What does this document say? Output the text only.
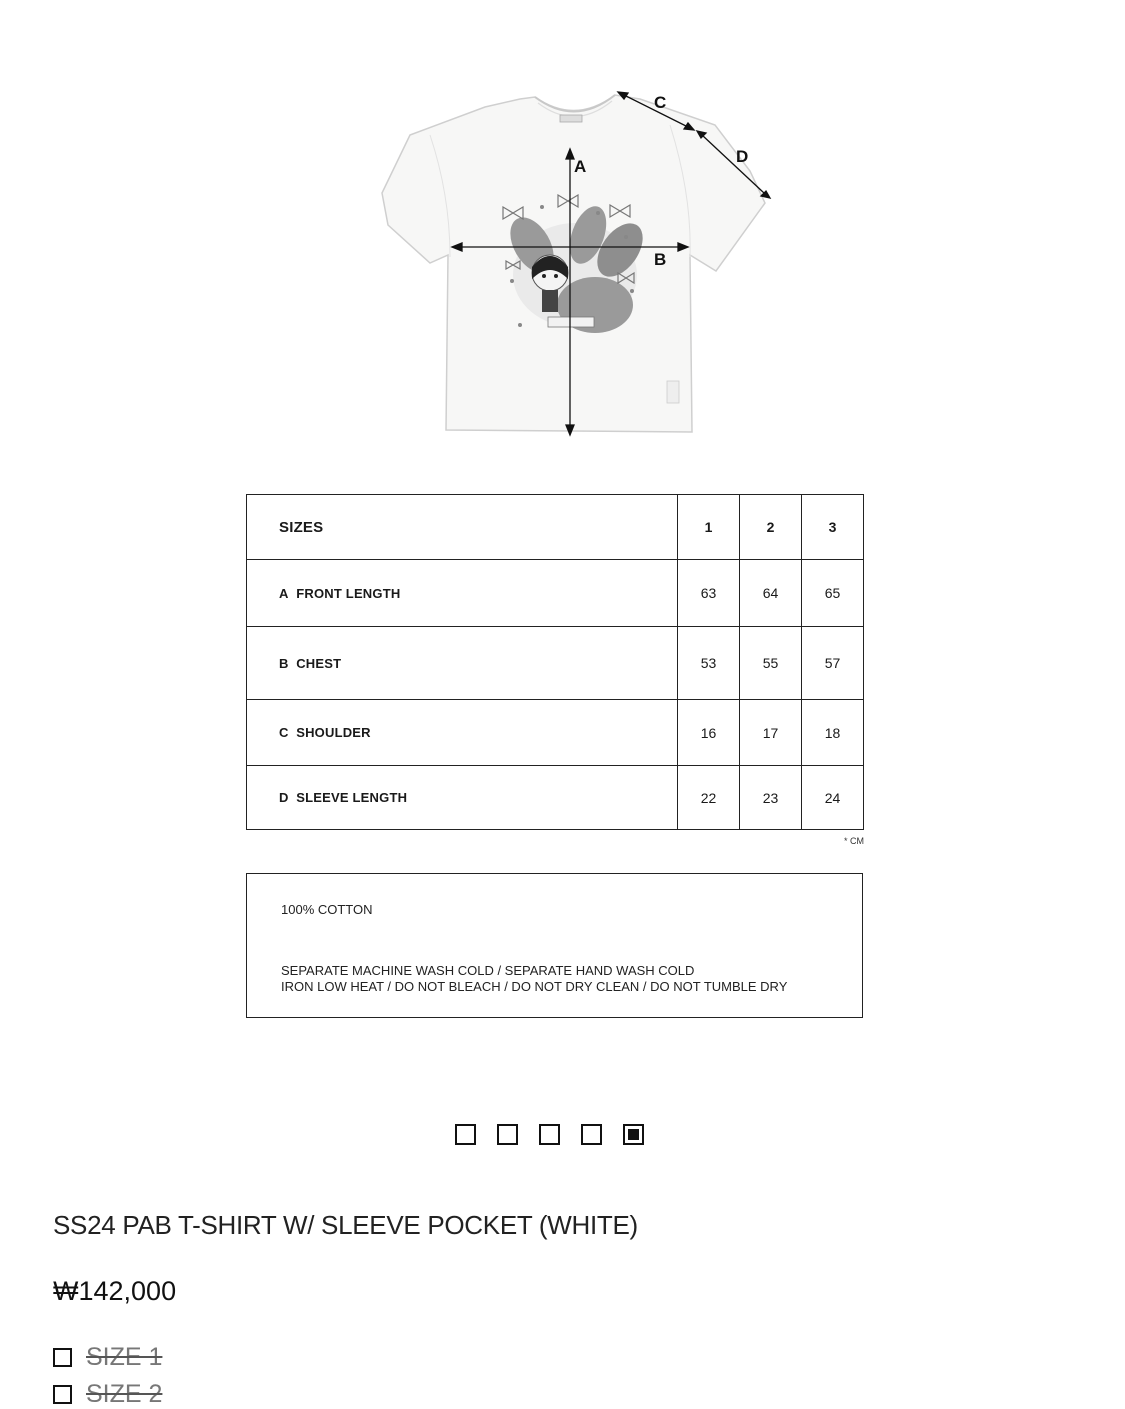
A
B
C
D
SIZES	1	2	3
A FRONT LENGTH	63	64	65
B CHEST	53	55	57
C SHOULDER	16	17	18
D SLEEVE LENGTH	22	23	24
* CM
100% COTTON
SEPARATE MACHINE WASH COLD / SEPARATE HAND WASH COLD
IRON LOW HEAT / DO NOT BLEACH / DO NOT DRY CLEAN / DO NOT TUMBLE DRY
SS24 PAB T-SHIRT W/ SLEEVE POCKET (WHITE)
₩142,000
SIZE 1
SIZE 2
